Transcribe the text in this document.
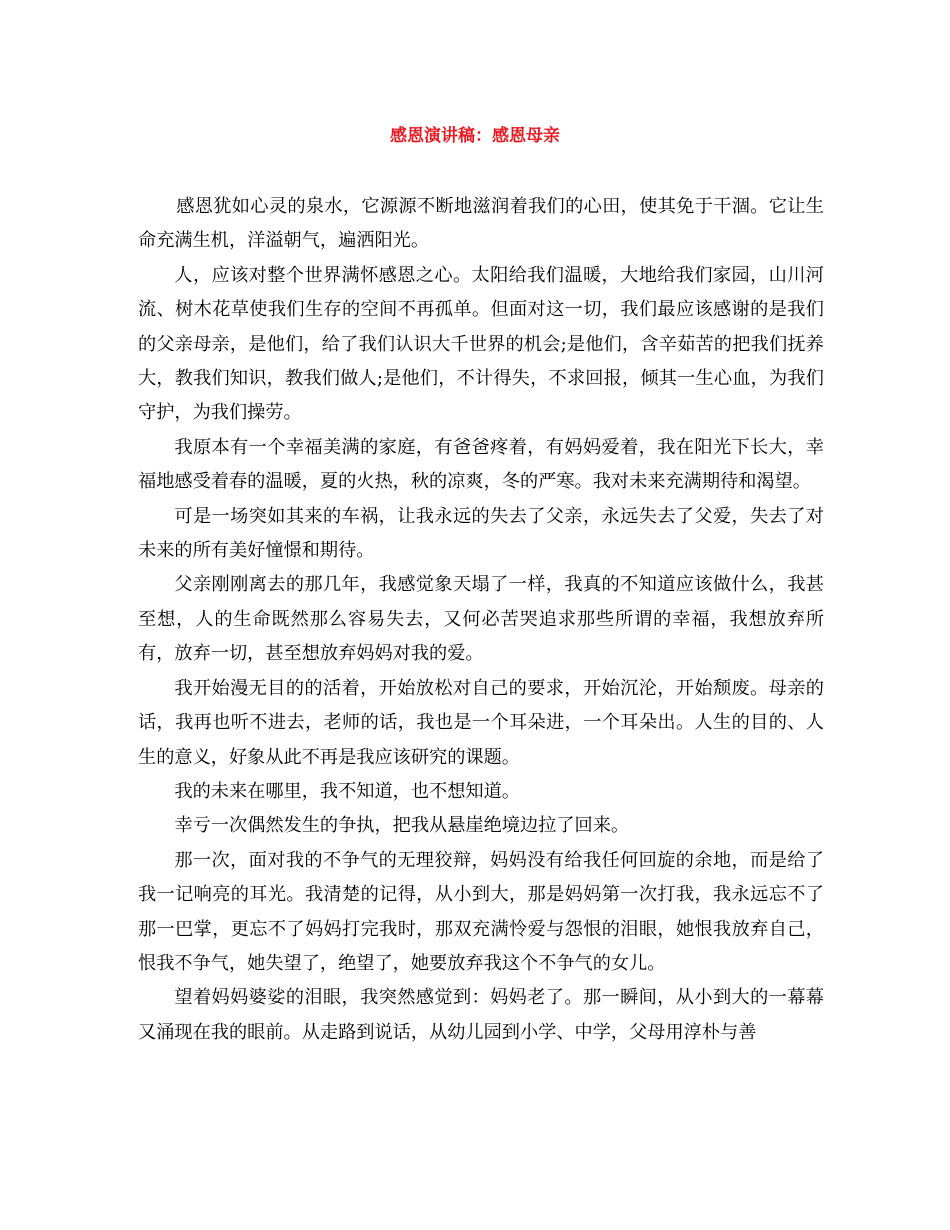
感恩演讲稿：感恩母亲

感恩犹如心灵的泉水，它源源不断地滋润着我们的心田，使其免于干涸。它让生命充满生机，洋溢朝气，遍洒阳光。

人，应该对整个世界满怀感恩之心。太阳给我们温暖，大地给我们家园，山川河流、树木花草使我们生存的空间不再孤单。但面对这一切，我们最应该感谢的是我们的父亲母亲，是他们，给了我们认识大千世界的机会;是他们，含辛茹苦的把我们抚养大，教我们知识，教我们做人;是他们，不计得失，不求回报，倾其一生心血，为我们守护，为我们操劳。

我原本有一个幸福美满的家庭，有爸爸疼着，有妈妈爱着，我在阳光下长大，幸福地感受着春的温暖，夏的火热，秋的凉爽，冬的严寒。我对未来充满期待和渴望。

可是一场突如其来的车祸，让我永远的失去了父亲，永远失去了父爱，失去了对未来的所有美好憧憬和期待。

父亲刚刚离去的那几年，我感觉象天塌了一样，我真的不知道应该做什么，我甚至想，人的生命既然那么容易失去，又何必苦哭追求那些所谓的幸福，我想放弃所有，放弃一切，甚至想放弃妈妈对我的爱。

我开始漫无目的的活着，开始放松对自己的要求，开始沉沦，开始颓废。母亲的话，我再也听不进去，老师的话，我也是一个耳朵进，一个耳朵出。人生的目的、人生的意义，好象从此不再是我应该研究的课题。

我的未来在哪里，我不知道，也不想知道。

幸亏一次偶然发生的争执，把我从悬崖绝境边拉了回来。

那一次，面对我的不争气的无理狡辩，妈妈没有给我任何回旋的余地，而是给了我一记响亮的耳光。我清楚的记得，从小到大，那是妈妈第一次打我，我永远忘不了那一巴掌，更忘不了妈妈打完我时，那双充满怜爱与怨恨的泪眼，她恨我放弃自己，恨我不争气，她失望了，绝望了，她要放弃我这个不争气的女儿。

望着妈妈婆娑的泪眼，我突然感觉到：妈妈老了。那一瞬间，从小到大的一幕幕又涌现在我的眼前。从走路到说话，从幼儿园到小学、中学，父母用淳朴与善
